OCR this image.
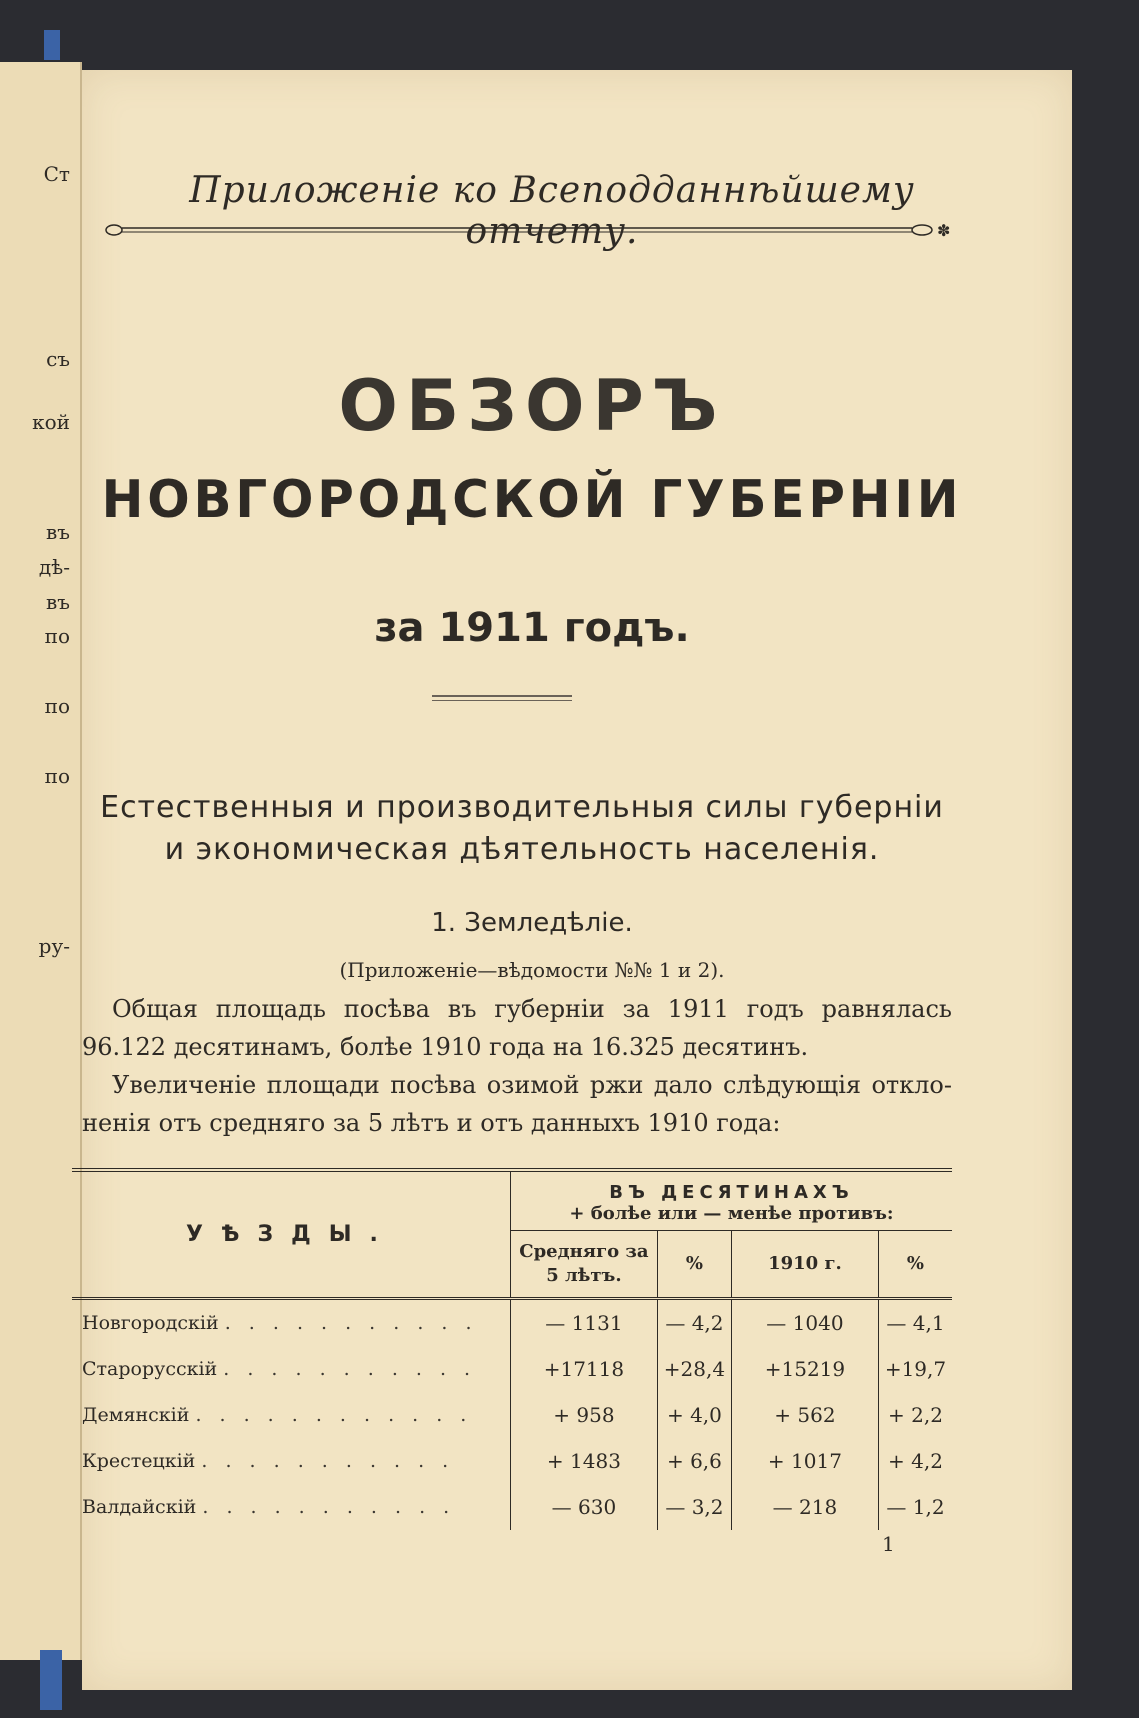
Ст
съ
кой
въ
дѣ-
въ
по
по
по
ру-
Приложеніе ко Всеподданнѣйшему отчету.	✽
ОБЗОРЪ
НОВГОРОДСКОЙ ГУБЕРНІИ
за 1911 годъ.
Естественныя и производительныя силы губерніи
и экономическая дѣятельность населенія.
1. Земледѣліе.
(Приложеніе—вѣдомости №№ 1 и 2).
Общая площадь посѣва въ губерніи за 1911 годъ равнялась
96.122 десятинамъ, болѣе 1910 года на 16.325 десятинъ.
Увеличеніе площади посѣва озимой ржи дало слѣдующія откло-
ненія отъ средняго за 5 лѣтъ и отъ данныхъ 1910 года:
УѢЗДЫ.	ВЪ ДЕСЯТИНАХЪ			
	+ болѣе или — менѣе противъ:			
	Средняго за 5 лѣтъ.	%	1910 г.	%
Новгородскій . . . . . . . . . . .	— 1131	— 4,2	— 1040	— 4,1
Старорусскій . . . . . . . . . . .	+17118	+28,4	+15219	+19,7
Демянскій . . . . . . . . . . . .	+ 958	+ 4,0	+ 562	+ 2,2
Крестецкій . . . . . . . . . . .	+ 1483	+ 6,6	+ 1017	+ 4,2
Валдайскій . . . . . . . . . . .	— 630	— 3,2	— 218	— 1,2
1
